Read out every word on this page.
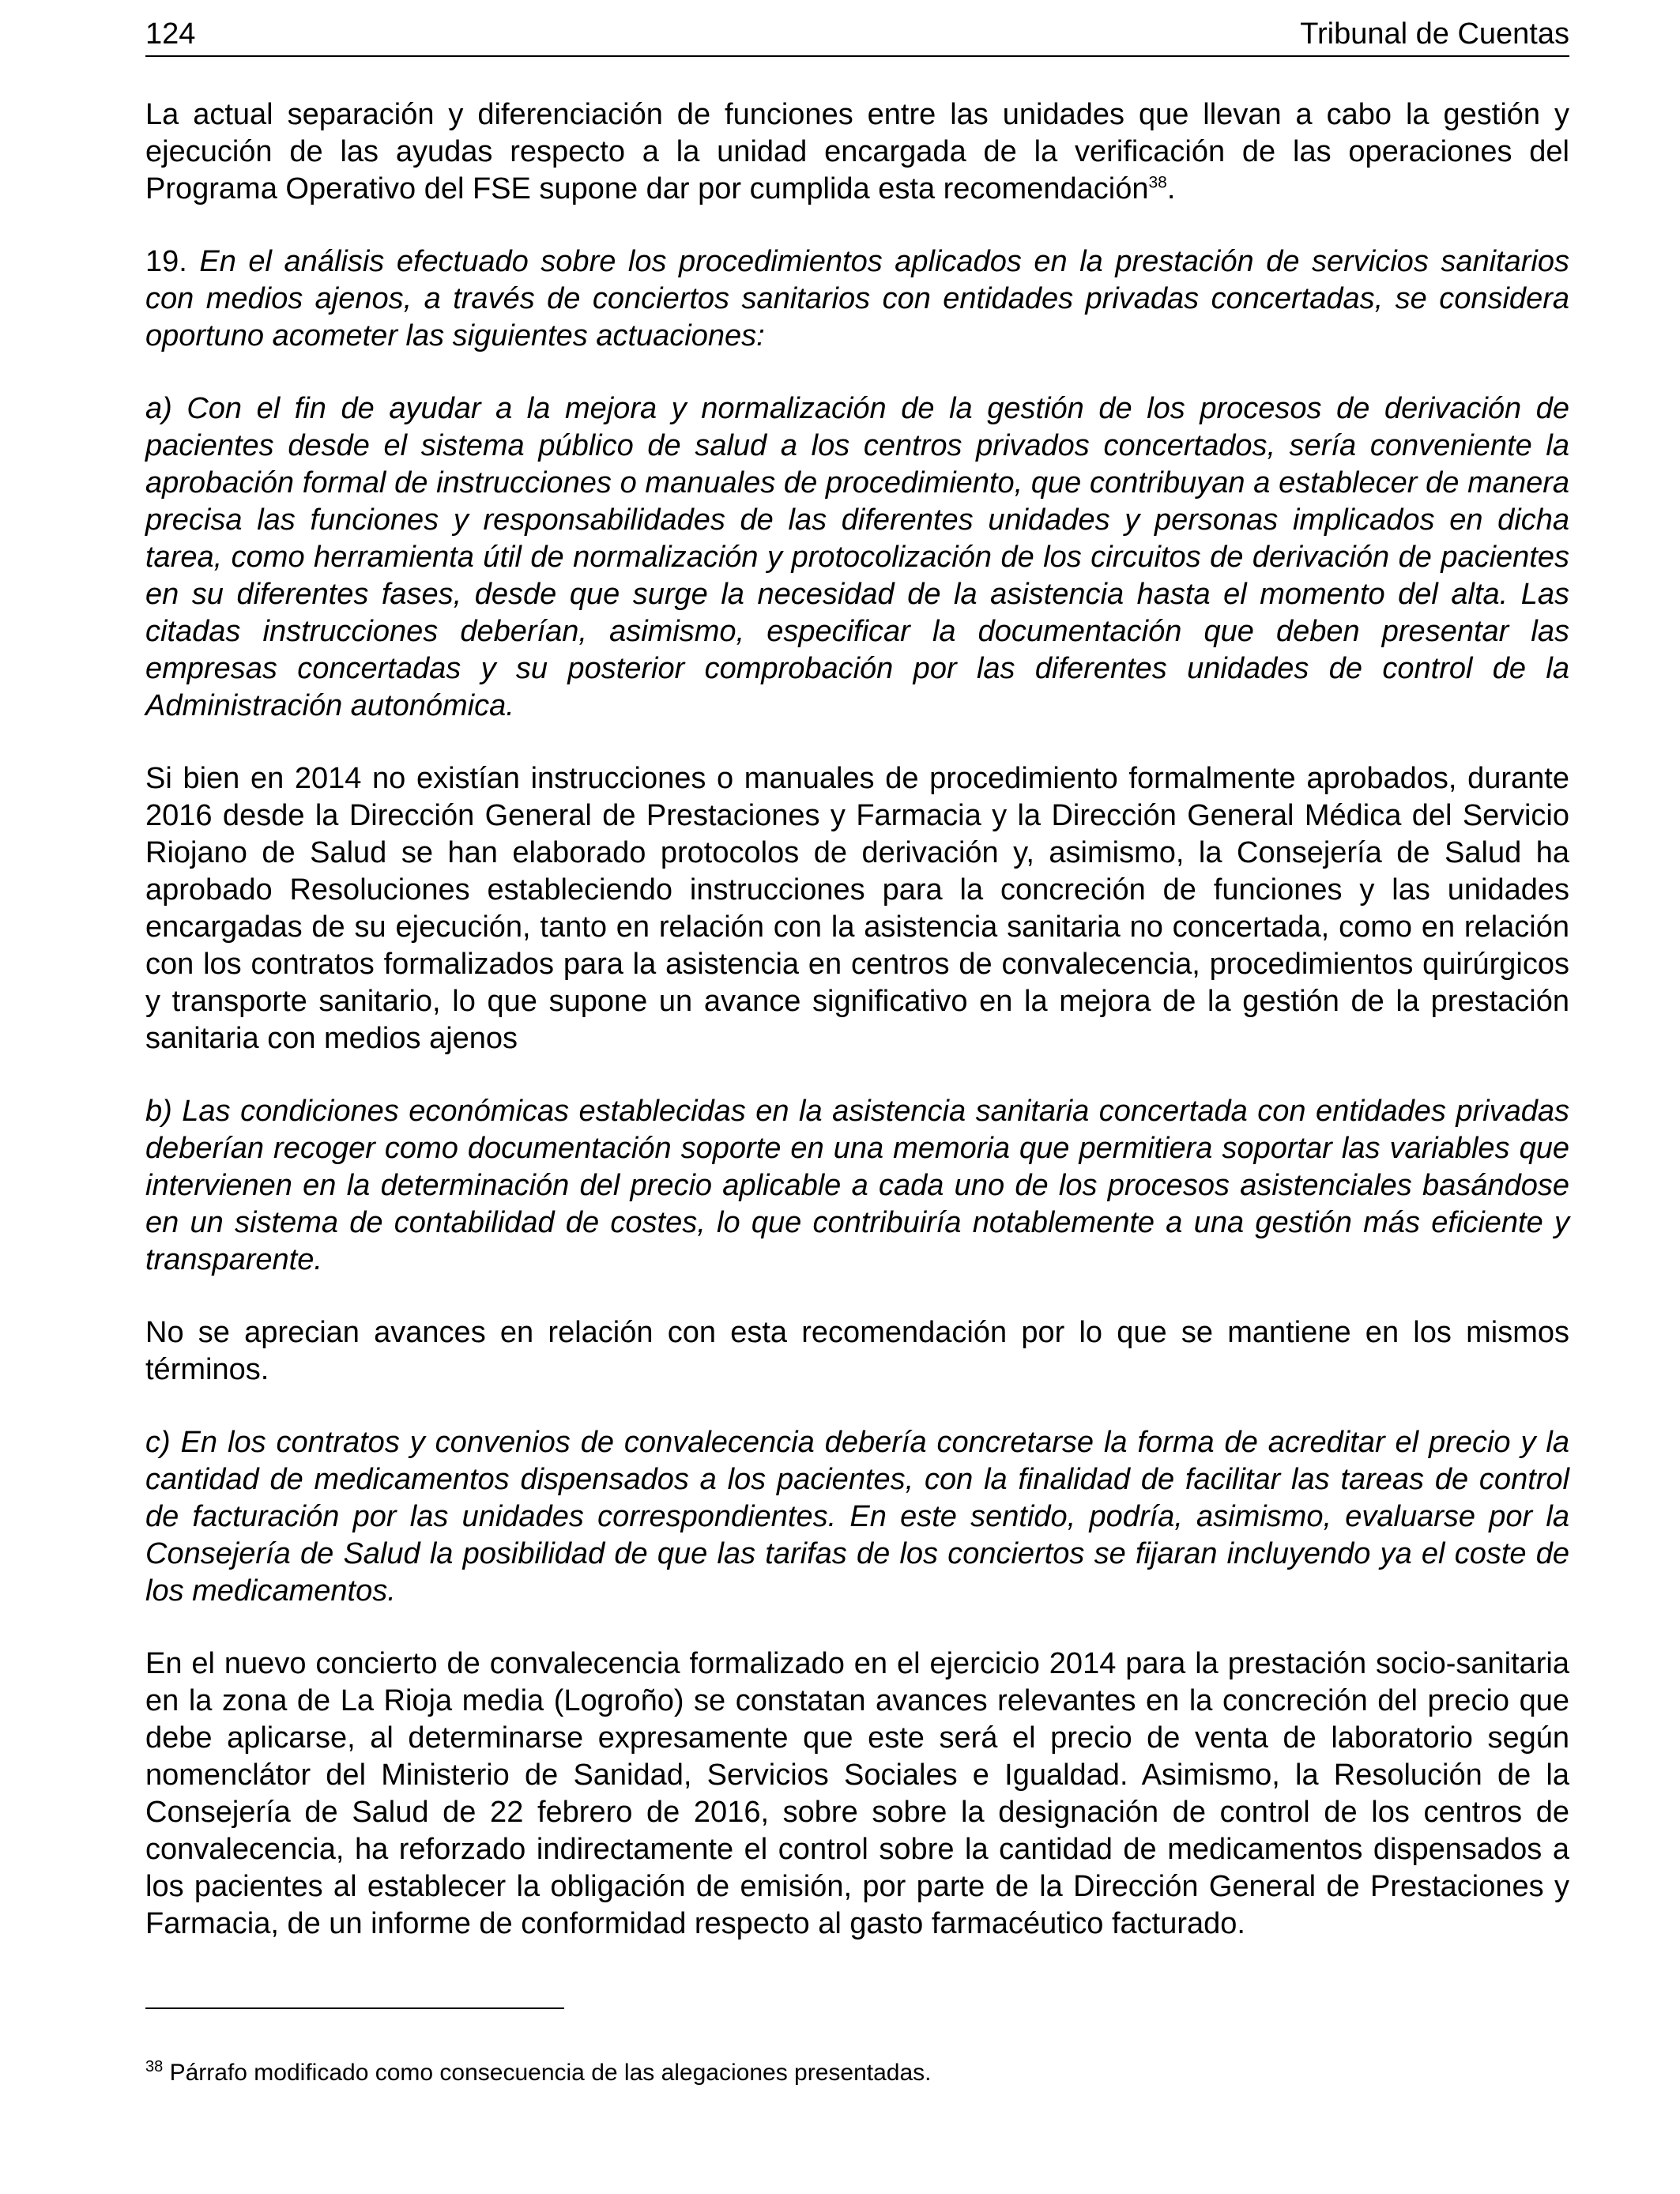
124	Tribunal de Cuentas

La actual separación y diferenciación de funciones entre las unidades que llevan a cabo la gestión y ejecución de las ayudas respecto a la unidad encargada de la verificación de las operaciones del Programa Operativo del FSE supone dar por cumplida esta recomendación$^{38}$.

19. En el análisis efectuado sobre los procedimientos aplicados en la prestación de servicios sanitarios con medios ajenos, a través de conciertos sanitarios con entidades privadas concertadas, se considera oportuno acometer las siguientes actuaciones:

a) Con el fin de ayudar a la mejora y normalización de la gestión de los procesos de derivación de pacientes desde el sistema público de salud a los centros privados concertados, sería conveniente la aprobación formal de instrucciones o manuales de procedimiento, que contribuyan a establecer de manera precisa las funciones y responsabilidades de las diferentes unidades y personas implicados en dicha tarea, como herramienta útil de normalización y protocolización de los circuitos de derivación de pacientes en su diferentes fases, desde que surge la necesidad de la asistencia hasta el momento del alta. Las citadas instrucciones deberían, asimismo, especificar la documentación que deben presentar las empresas concertadas y su posterior comprobación por las diferentes unidades de control de la Administración autonómica.

Si bien en 2014 no existían instrucciones o manuales de procedimiento formalmente aprobados, durante 2016 desde la Dirección General de Prestaciones y Farmacia y la Dirección General Médica del Servicio Riojano de Salud se han elaborado protocolos de derivación y, asimismo, la Consejería de Salud ha aprobado Resoluciones estableciendo instrucciones para la concreción de funciones y las unidades encargadas de su ejecución, tanto en relación con la asistencia sanitaria no concertada, como en relación con los contratos formalizados para la asistencia en centros de convalecencia, procedimientos quirúrgicos y transporte sanitario, lo que supone un avance significativo en la mejora de la gestión de la prestación sanitaria con medios ajenos

b) Las condiciones económicas establecidas en la asistencia sanitaria concertada con entidades privadas deberían recoger como documentación soporte en una memoria que permitiera soportar las variables que intervienen en la determinación del precio aplicable a cada uno de los procesos asistenciales basándose en un sistema de contabilidad de costes, lo que contribuiría notablemente a una gestión más eficiente y transparente.

No se aprecian avances en relación con esta recomendación por lo que se mantiene en los mismos términos.

c) En los contratos y convenios de convalecencia debería concretarse la forma de acreditar el precio y la cantidad de medicamentos dispensados a los pacientes, con la finalidad de facilitar las tareas de control de facturación por las unidades correspondientes. En este sentido, podría, asimismo, evaluarse por la Consejería de Salud la posibilidad de que las tarifas de los conciertos se fijaran incluyendo ya el coste de los medicamentos.

En el nuevo concierto de convalecencia formalizado en el ejercicio 2014 para la prestación socio-sanitaria en la zona de La Rioja media (Logroño) se constatan avances relevantes en la concreción del precio que debe aplicarse, al determinarse expresamente que este será el precio de venta de laboratorio según nomenclátor del Ministerio de Sanidad, Servicios Sociales e Igualdad. Asimismo, la Resolución de la Consejería de Salud de 22 febrero de 2016, sobre sobre la designación de control de los centros de convalecencia, ha reforzado indirectamente el control sobre la cantidad de medicamentos dispensados a los pacientes al establecer la obligación de emisión, por parte de la Dirección General de Prestaciones y Farmacia, de un informe de conformidad respecto al gasto farmacéutico facturado.

$^{38}$ Párrafo modificado como consecuencia de las alegaciones presentadas.
